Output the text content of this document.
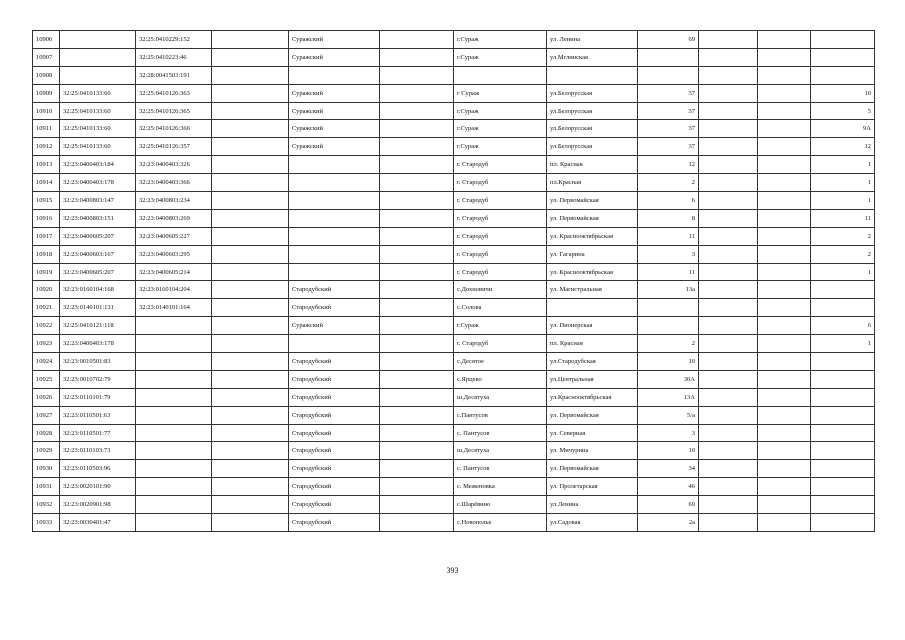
10906		32:25:0410229:152		Суражский		г.Сураж	ул. Ленина	69			
10907		32:25:0410223:46		Суражский		г.Сураж	ул.Мглинская				
10908		32:28:0041503:191									
10909	32:25:0410133:60	32:25:0410126:363		Суражский		г Сураж	ул.Белорусская	37			10
10910	32:25:0410133:60	32:25:0410126:365		Суражский		г.Сураж	ул.Белорусская	37			5
10911	32:25:0410133:60	32:25:0410126:366		Суражский		г.Сураж	ул.Белорусская	37			9А
10912	32:25:0410133:60	32:25:0410126:357		Суражский		г.Сураж	ул.Белорусская	37			12
10913	32:23:0400403:184	32:23:0400403:326				г. Стародуб	пл. Красная	12			1
10914	32:23:0400403:178	32:23:0400403:366				г. Стародуб	пл.Красная	2			1
10915	32:23:0400803:147	32:23:0400803:234				г. Стародуб	ул. Первомайская	6			1
10916	32:23:0400803:151	32:23:0400803:269				г. Стародуб	ул. Первомайская	8			11
10917	32:23:0400605:207	32:23:0400605:227				г. Стародуб	ул. Краснооктябрьская	11			2
10918	32:23:0400603:167	32:23:0400603:295				г. Стародуб	ул. Гагарина	3			2
10919	32:23:0400605:207	32:23:0400605:214				г. Стародуб	ул. Краснооктябрьская	11			1
10920	32:23:0160104:168	32:23:0160104:204		Стародубский		с.Дохновичи	ул. Магистральная	13а			
10921	32:23:0140101:131	32:23:0140101:164		Стародубский		с.Солова					
10922	32:25:0410121:118			Суражский		г.Сураж	ул. Пионерская				6
10923	32:23:0400403:178					г. Стародуб	пл. Красная	2			1
10924	32:23:0010501:83			Стародубский		с.Десятое	ул.Стародубская	10			
10925	32:23:0010702:79			Стародубский		с.Ярцево	ул.Центральная	30А			
10926	32:23:0110101:79			Стародубский		ш.Десятуха	ул.Краснооктябрьская	13А			
10927	32:23:0110501:63			Стародубский		с.Пантусов	ул. Первомайская	5/а			
10928	32:23:0110501:77			Стародубский		с. Пантусов	ул. Северная	3			
10929	32:23:0110103:73			Стародубский		ш.Десятуха	ул. Мичурина	10			
10930	32:23:0110503:96			Стародубский		с. Пантусов	ул. Первомайская	34			
10931	32:23:0020101:90			Стародубский		с. Меженовка	ул. Пролетарская	46			
10932	32:23:0020901:98			Стародубский		с.Шарёвино	ул.Ленина	69			
10933	32:23:0030401:47			Стародубский		с.Новополье	ул.Садовая	2а			
393
